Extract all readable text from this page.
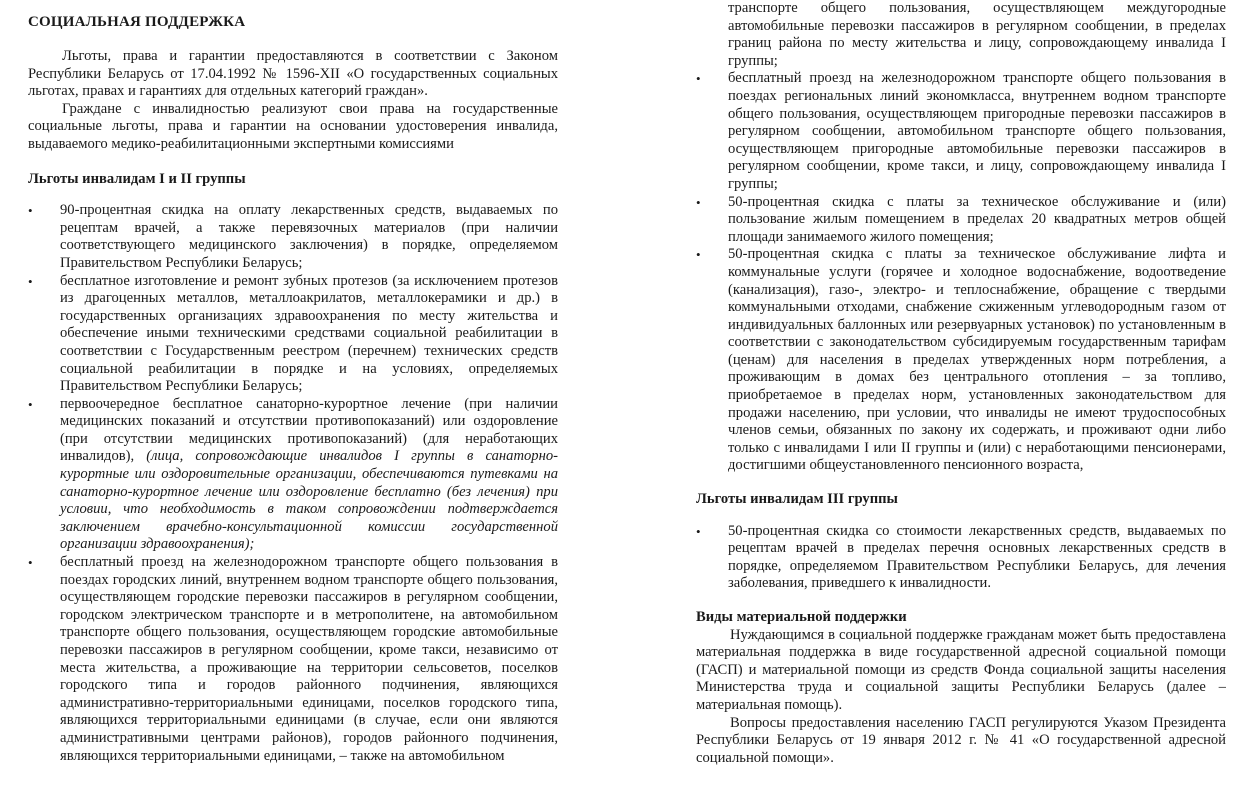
СОЦИАЛЬНАЯ ПОДДЕРЖКА

Льготы, права и гарантии предоставляются в соответствии с Законом Республики Беларусь от 17.04.1992 № 1596-XII «О государственных социальных льготах, правах и гарантиях для отдельных категорий граждан».

Граждане с инвалидностью реализуют свои права на государственные социальные льготы, права и гарантии на основании удостоверения инвалида, выдаваемого медико-реабилитационными экспертными комиссиями

Льготы инвалидам I и II группы
• 90-процентная скидка на оплату лекарственных средств, выдаваемых по рецептам врачей, а также перевязочных материалов (при наличии соответствующего медицинского заключения) в порядке, определяемом Правительством Республики Беларусь;
• бесплатное изготовление и ремонт зубных протезов (за исключением протезов из драгоценных металлов, металлоакрилатов, металлокерамики и др.) в государственных организациях здравоохранения по месту жительства и обеспечение иными техническими средствами социальной реабилитации в соответствии с Государственным реестром (перечнем) технических средств социальной реабилитации в порядке и на условиях, определяемых Правительством Республики Беларусь;
• первоочередное бесплатное санаторно-курортное лечение (при наличии медицинских показаний и отсутствии противопоказаний) или оздоровление (при отсутствии медицинских противопоказаний) (для неработающих инвалидов), (лица, сопровождающие инвалидов I группы в санаторно-курортные или оздоровительные организации, обеспечиваются путевками на санаторно-курортное лечение или оздоровление бесплатно (без лечения) при условии, что необходимость в таком сопровождении подтверждается заключением врачебно-консультационной комиссии государственной организации здравоохранения);
• бесплатный проезд на железнодорожном транспорте общего пользования в поездах городских линий, внутреннем водном транспорте общего пользования, осуществляющем городские перевозки пассажиров в регулярном сообщении, городском электрическом транспорте и в метрополитене, на автомобильном транспорте общего пользования, осуществляющем городские автомобильные перевозки пассажиров в регулярном сообщении, кроме такси, независимо от места жительства, а проживающие на территории сельсоветов, поселков городского типа и городов районного подчинения, являющихся административно-территориальными единицами, поселков городского типа, являющихся территориальными единицами (в случае, если они являются административными центрами районов), городов районного подчинения, являющихся территориальными единицами, – также на автомобильном
транспорте общего пользования, осуществляющем междугородные автомобильные перевозки пассажиров в регулярном сообщении, в пределах границ района по месту жительства и лицу, сопровождающему инвалида I группы;
• бесплатный проезд на железнодорожном транспорте общего пользования в поездах региональных линий экономкласса, внутреннем водном транспорте общего пользования, осуществляющем пригородные перевозки пассажиров в регулярном сообщении, автомобильном транспорте общего пользования, осуществляющем пригородные автомобильные перевозки пассажиров в регулярном сообщении, кроме такси, и лицу, сопровождающему инвалида I группы;
• 50-процентная скидка с платы за техническое обслуживание и (или) пользование жилым помещением в пределах 20 квадратных метров общей площади занимаемого жилого помещения;
• 50-процентная скидка с платы за техническое обслуживание лифта и коммунальные услуги (горячее и холодное водоснабжение, водоотведение (канализация), газо-, электро- и теплоснабжение, обращение с твердыми коммунальными отходами, снабжение сжиженным углеводородным газом от индивидуальных баллонных или резервуарных установок) по установленным в соответствии с законодательством субсидируемым государственным тарифам (ценам) для населения в пределах утвержденных норм потребления, а проживающим в домах без центрального отопления – за топливо, приобретаемое в пределах норм, установленных законодательством для продажи населению, при условии, что инвалиды не имеют трудоспособных членов семьи, обязанных по закону их содержать, и проживают одни либо только с инвалидами I или II группы и (или) с неработающими пенсионерами, достигшими общеустановленного пенсионного возраста,
Льготы инвалидам III группы
• 50-процентная скидка со стоимости лекарственных средств, выдаваемых по рецептам врачей в пределах перечня основных лекарственных средств в порядке, определяемом Правительством Республики Беларусь, для лечения заболевания, приведшего к инвалидности.
Виды материальной поддержки

Нуждающимся в социальной поддержке гражданам может быть предоставлена материальная поддержка в виде государственной адресной социальной помощи (ГАСП) и материальной помощи из средств Фонда социальной защиты населения Министерства труда и социальной защиты Республики Беларусь (далее – материальная помощь).

Вопросы предоставления населению ГАСП регулируются Указом Президента Республики Беларусь от 19 января 2012 г. № 41 «О государственной адресной социальной помощи».
